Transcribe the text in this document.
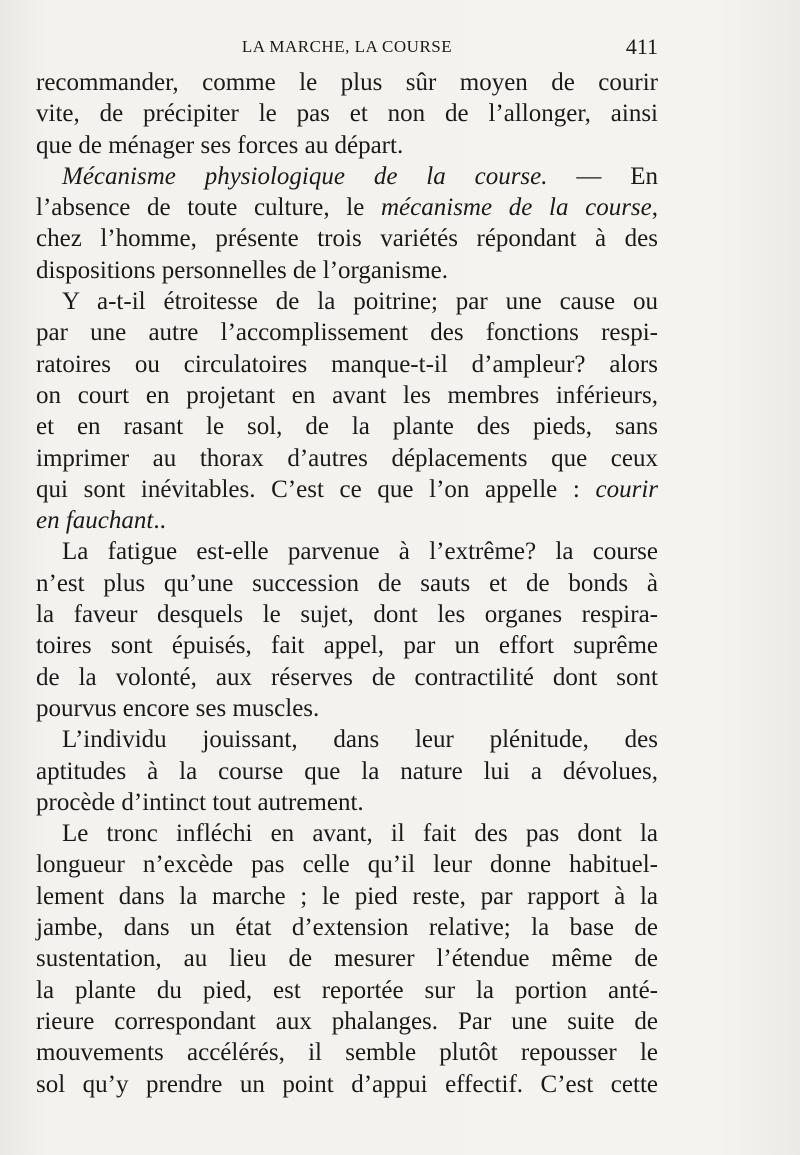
LA MARCHE, LA COURSE	411
recommander, comme le plus sûr moyen de courir
vite, de précipiter le pas et non de l’allonger, ainsi
que de ménager ses forces au départ.
Mécanisme physiologique de la course. — En
l’absence de toute culture, le mécanisme de la course,
chez l’homme, présente trois variétés répondant à des
dispositions personnelles de l’organisme.
Y a-t-il étroitesse de la poitrine; par une cause ou
par une autre l’accomplissement des fonctions respi-
ratoires ou circulatoires manque-t-il d’ampleur? alors
on court en projetant en avant les membres inférieurs,
et en rasant le sol, de la plante des pieds, sans
imprimer au thorax d’autres déplacements que ceux
qui sont inévitables. C’est ce que l’on appelle : courir
en fauchant..
La fatigue est-elle parvenue à l’extrême? la course
n’est plus qu’une succession de sauts et de bonds à
la faveur desquels le sujet, dont les organes respira-
toires sont épuisés, fait appel, par un effort suprême
de la volonté, aux réserves de contractilité dont sont
pourvus encore ses muscles.
L’individu jouissant, dans leur plénitude, des
aptitudes à la course que la nature lui a dévolues,
procède d’intinct tout autrement.
Le tronc infléchi en avant, il fait des pas dont la
longueur n’excède pas celle qu’il leur donne habituel-
lement dans la marche ; le pied reste, par rapport à la
jambe, dans un état d’extension relative; la base de
sustentation, au lieu de mesurer l’étendue même de
la plante du pied, est reportée sur la portion anté-
rieure correspondant aux phalanges. Par une suite de
mouvements accélérés, il semble plutôt repousser le
sol qu’y prendre un point d’appui effectif. C’est cette
